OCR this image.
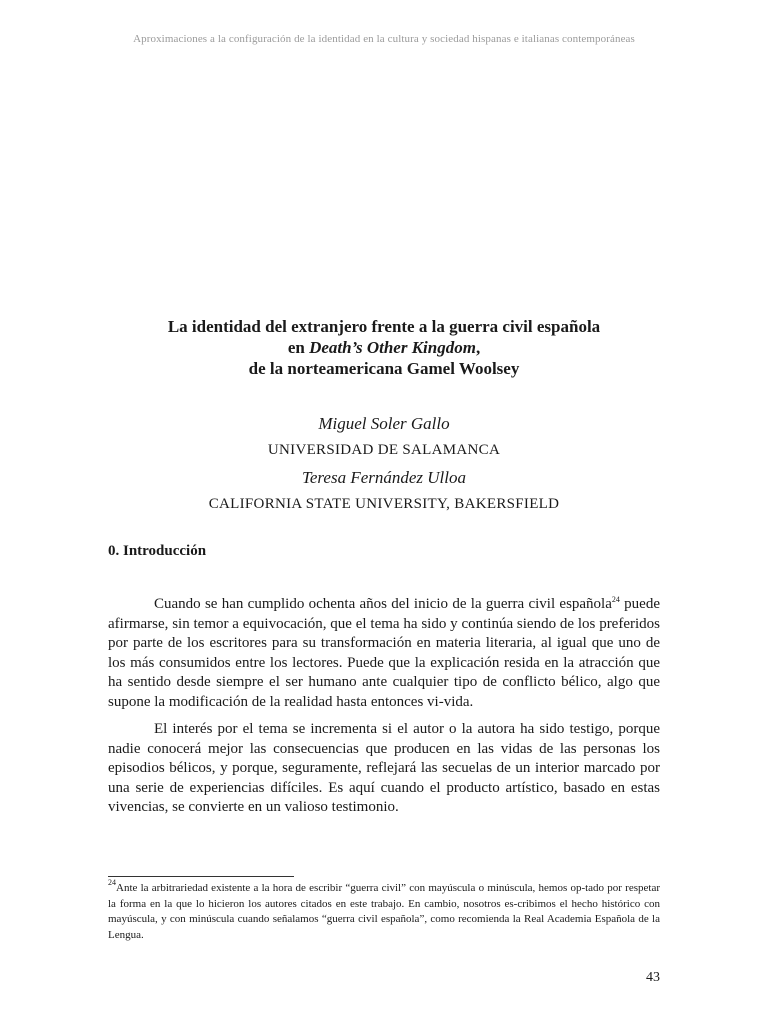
Aproximaciones a la configuración de la identidad en la cultura y sociedad hispanas e italianas contemporáneas
La identidad del extranjero frente a la guerra civil española
en Death’s Other Kingdom,
de la norteamericana Gamel Woolsey
Miguel Soler Gallo
UNIVERSIDAD DE SALAMANCA
Teresa Fernández Ulloa
CALIFORNIA STATE UNIVERSITY, BAKERSFIELD
0. Introducción

Cuando se han cumplido ochenta años del inicio de la guerra civil española$^{24}$ puede afirmarse, sin temor a equivocación, que el tema ha sido y continúa siendo de los preferidos por parte de los escritores para su transformación en materia literaria, al igual que uno de los más consumidos entre los lectores. Puede que la explicación resida en la atracción que ha sentido desde siempre el ser humano ante cualquier tipo de conflicto bélico, algo que supone la modificación de la realidad hasta entonces vi-vida.

El interés por el tema se incrementa si el autor o la autora ha sido testigo, porque nadie conocerá mejor las consecuencias que producen en las vidas de las personas los episodios bélicos, y porque, seguramente, reflejará las secuelas de un interior marcado por una serie de experiencias difíciles. Es aquí cuando el producto artístico, basado en estas vivencias, se convierte en un valioso testimonio.

$^{24}$Ante la arbitrariedad existente a la hora de escribir “guerra civil” con mayúscula o minúscula, hemos op-tado por respetar la forma en la que lo hicieron los autores citados en este trabajo. En cambio, nosotros es-cribimos el hecho histórico con mayúscula, y con minúscula cuando señalamos “guerra civil española”, como recomienda la Real Academia Española de la Lengua.
43
